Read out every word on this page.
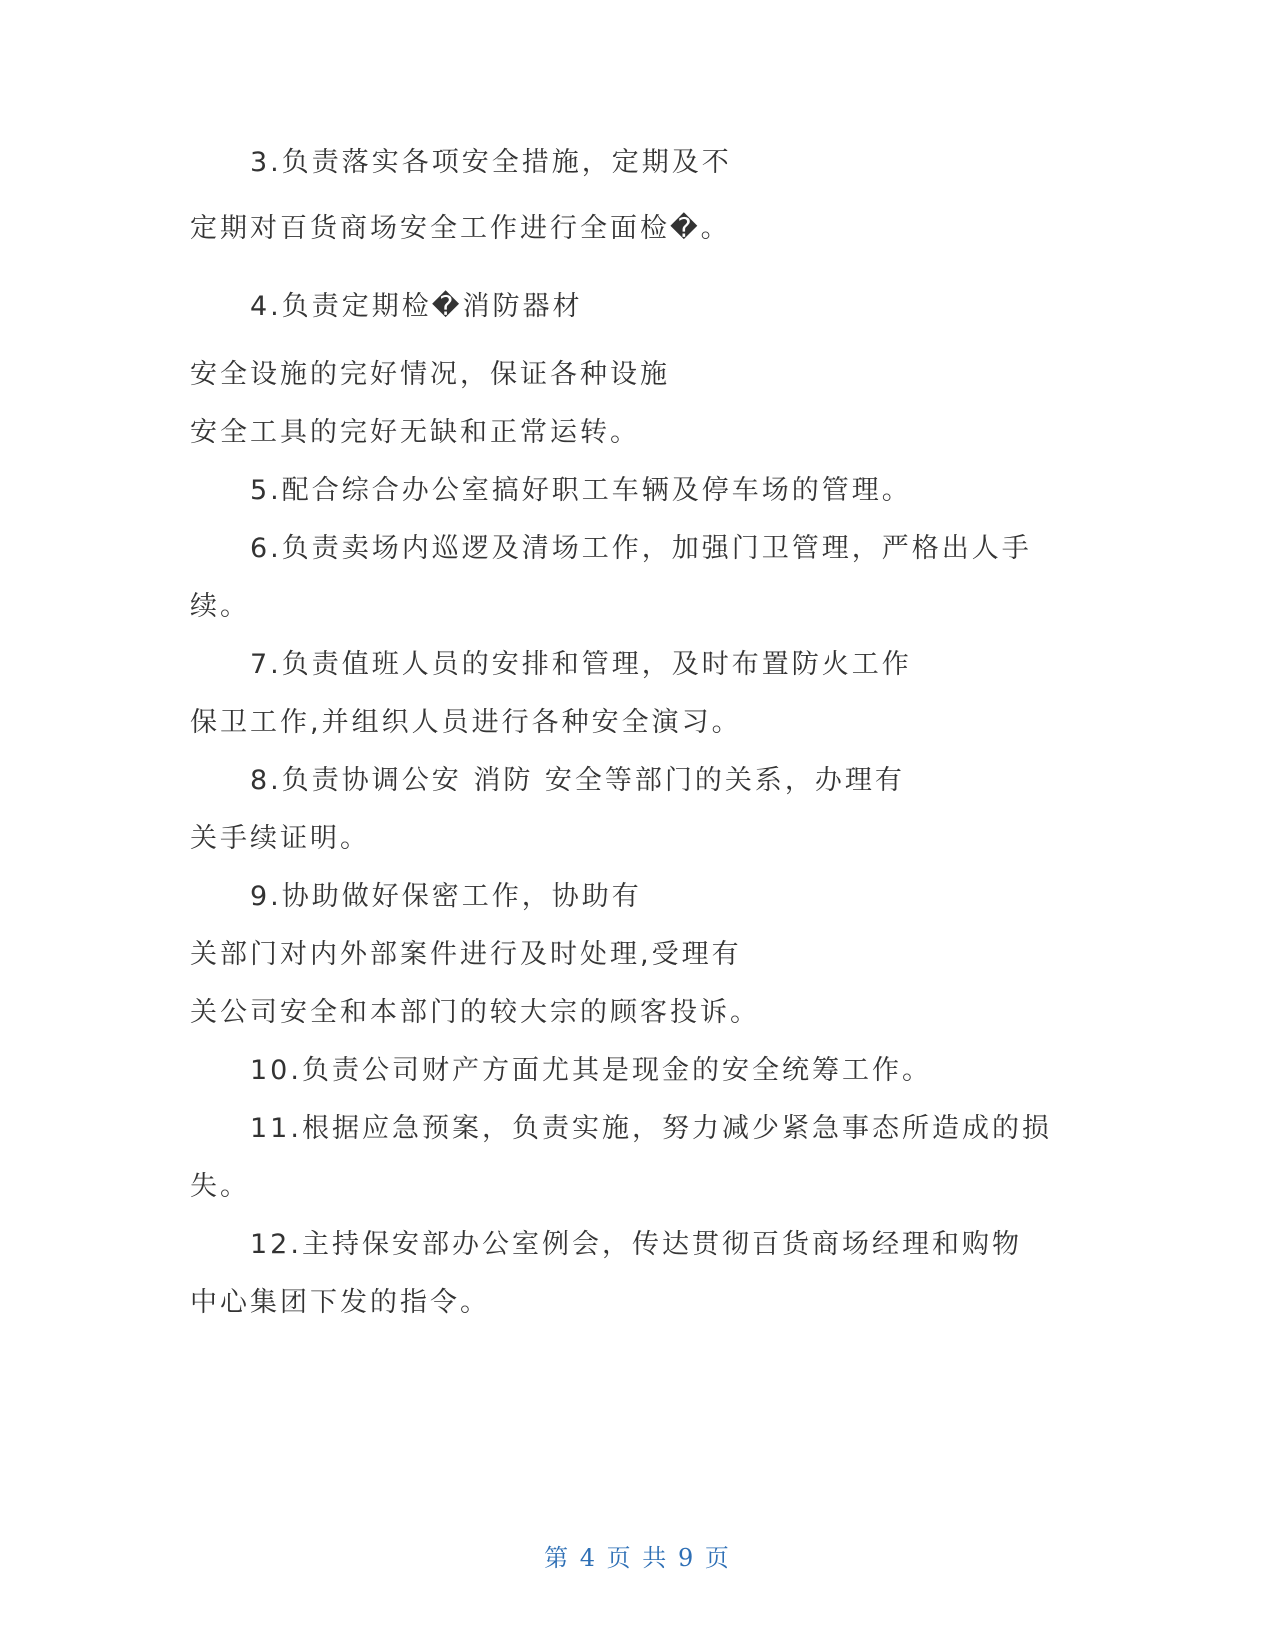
3.负责落实各项安全措施，定期及不
定期对百货商场安全工作进行全面检�。
4.负责定期检�消防器材
安全设施的完好情况，保证各种设施
安全工具的完好无缺和正常运转。
5.配合综合办公室搞好职工车辆及停车场的管理。
6.负责卖场内巡逻及清场工作，加强门卫管理，严格出人手
续。
7.负责值班人员的安排和管理，及时布置防火工作
保卫工作,并组织人员进行各种安全演习。
8.负责协调公安 消防 安全等部门的关系，办理有
关手续证明。
9.协助做好保密工作，协助有
关部门对内外部案件进行及时处理,受理有
关公司安全和本部门的较大宗的顾客投诉。
10.负责公司财产方面尤其是现金的安全统筹工作。
11.根据应急预案，负责实施，努力减少紧急事态所造成的损
失。
12.主持保安部办公室例会，传达贯彻百货商场经理和购物
中心集团下发的指令。
第 4 页 共 9 页
